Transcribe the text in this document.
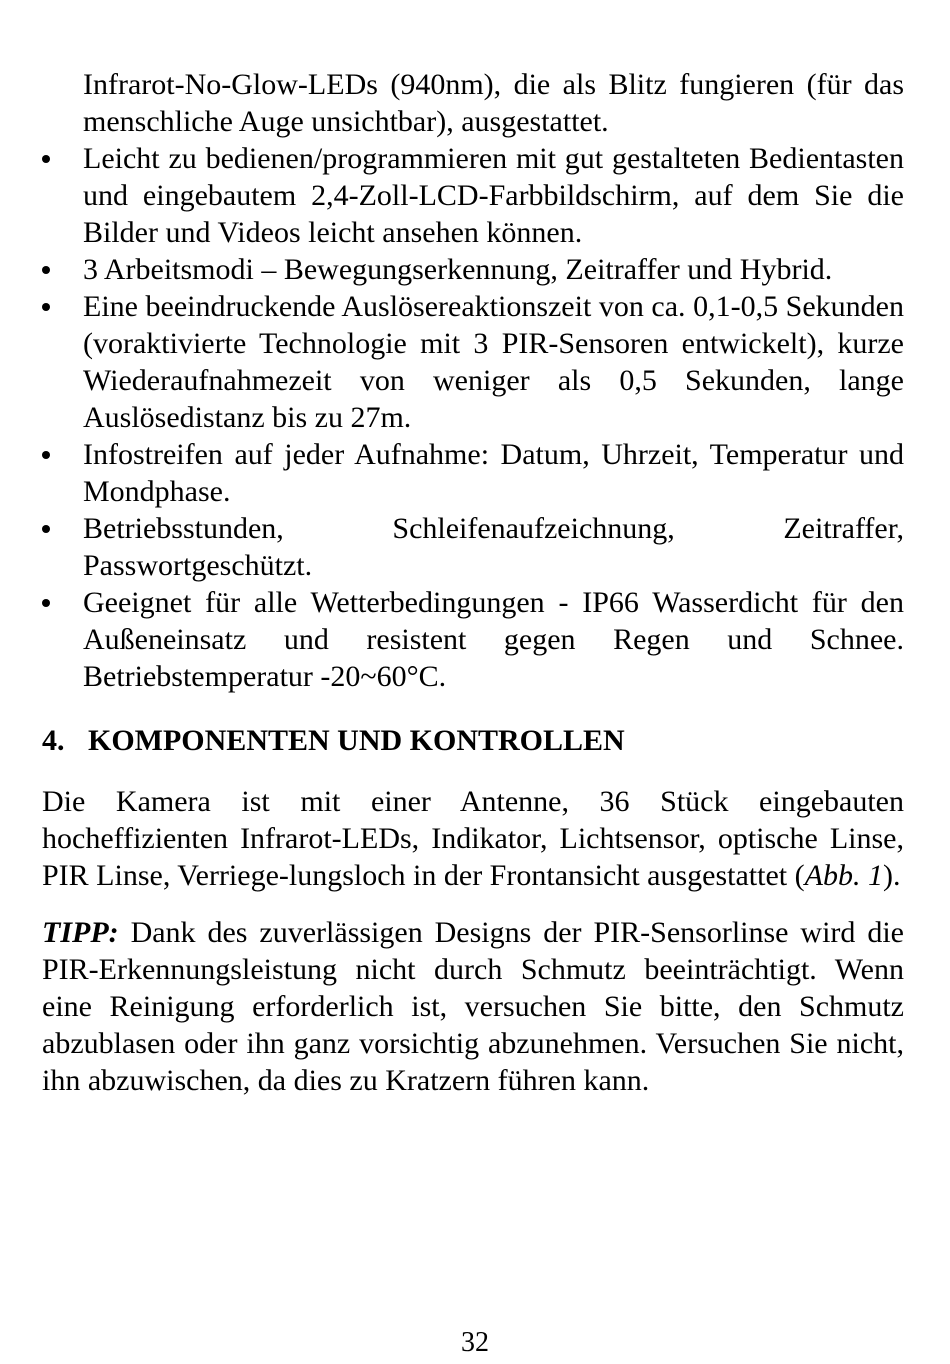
Infrarot-No-Glow-LEDs (940nm), die als Blitz fungieren (für das menschliche Auge unsichtbar), ausgestattet.

Leicht zu bedienen/programmieren mit gut gestalteten Bedientasten und eingebautem 2,4-Zoll-LCD-Farbbildschirm, auf dem Sie die Bilder und Videos leicht ansehen können.
3 Arbeitsmodi – Bewegungserkennung, Zeitraffer und Hybrid.
Eine beeindruckende Auslösereaktionszeit von ca. 0,1-0,5 Sekunden (voraktivierte Technologie mit 3 PIR-Sensoren entwickelt), kurze Wiederaufnahmezeit von weniger als 0,5 Sekunden, lange Auslösedistanz bis zu 27m.
Infostreifen auf jeder Aufnahme: Datum, Uhrzeit, Temperatur und Mondphase.
Betriebsstunden, Schleifenaufzeichnung, Zeitraffer, Passwortgeschützt.
Geeignet für alle Wetterbedingungen - IP66 Wasserdicht für den Außeneinsatz und resistent gegen Regen und Schnee. Betriebstemperatur -20~60°C.
4. KOMPONENTEN UND KONTROLLEN

Die Kamera ist mit einer Antenne, 36 Stück eingebauten hocheffizienten Infrarot-LEDs, Indikator, Lichtsensor, optische Linse, PIR Linse, Verriege-lungsloch in der Frontansicht ausgestattet (Abb. 1).

TIPP: Dank des zuverlässigen Designs der PIR-Sensorlinse wird die PIR-Erkennungsleistung nicht durch Schmutz beeinträchtigt. Wenn eine Reinigung erforderlich ist, versuchen Sie bitte, den Schmutz abzublasen oder ihn ganz vorsichtig abzunehmen. Versuchen Sie nicht, ihn abzuwischen, da dies zu Kratzern führen kann.

32
